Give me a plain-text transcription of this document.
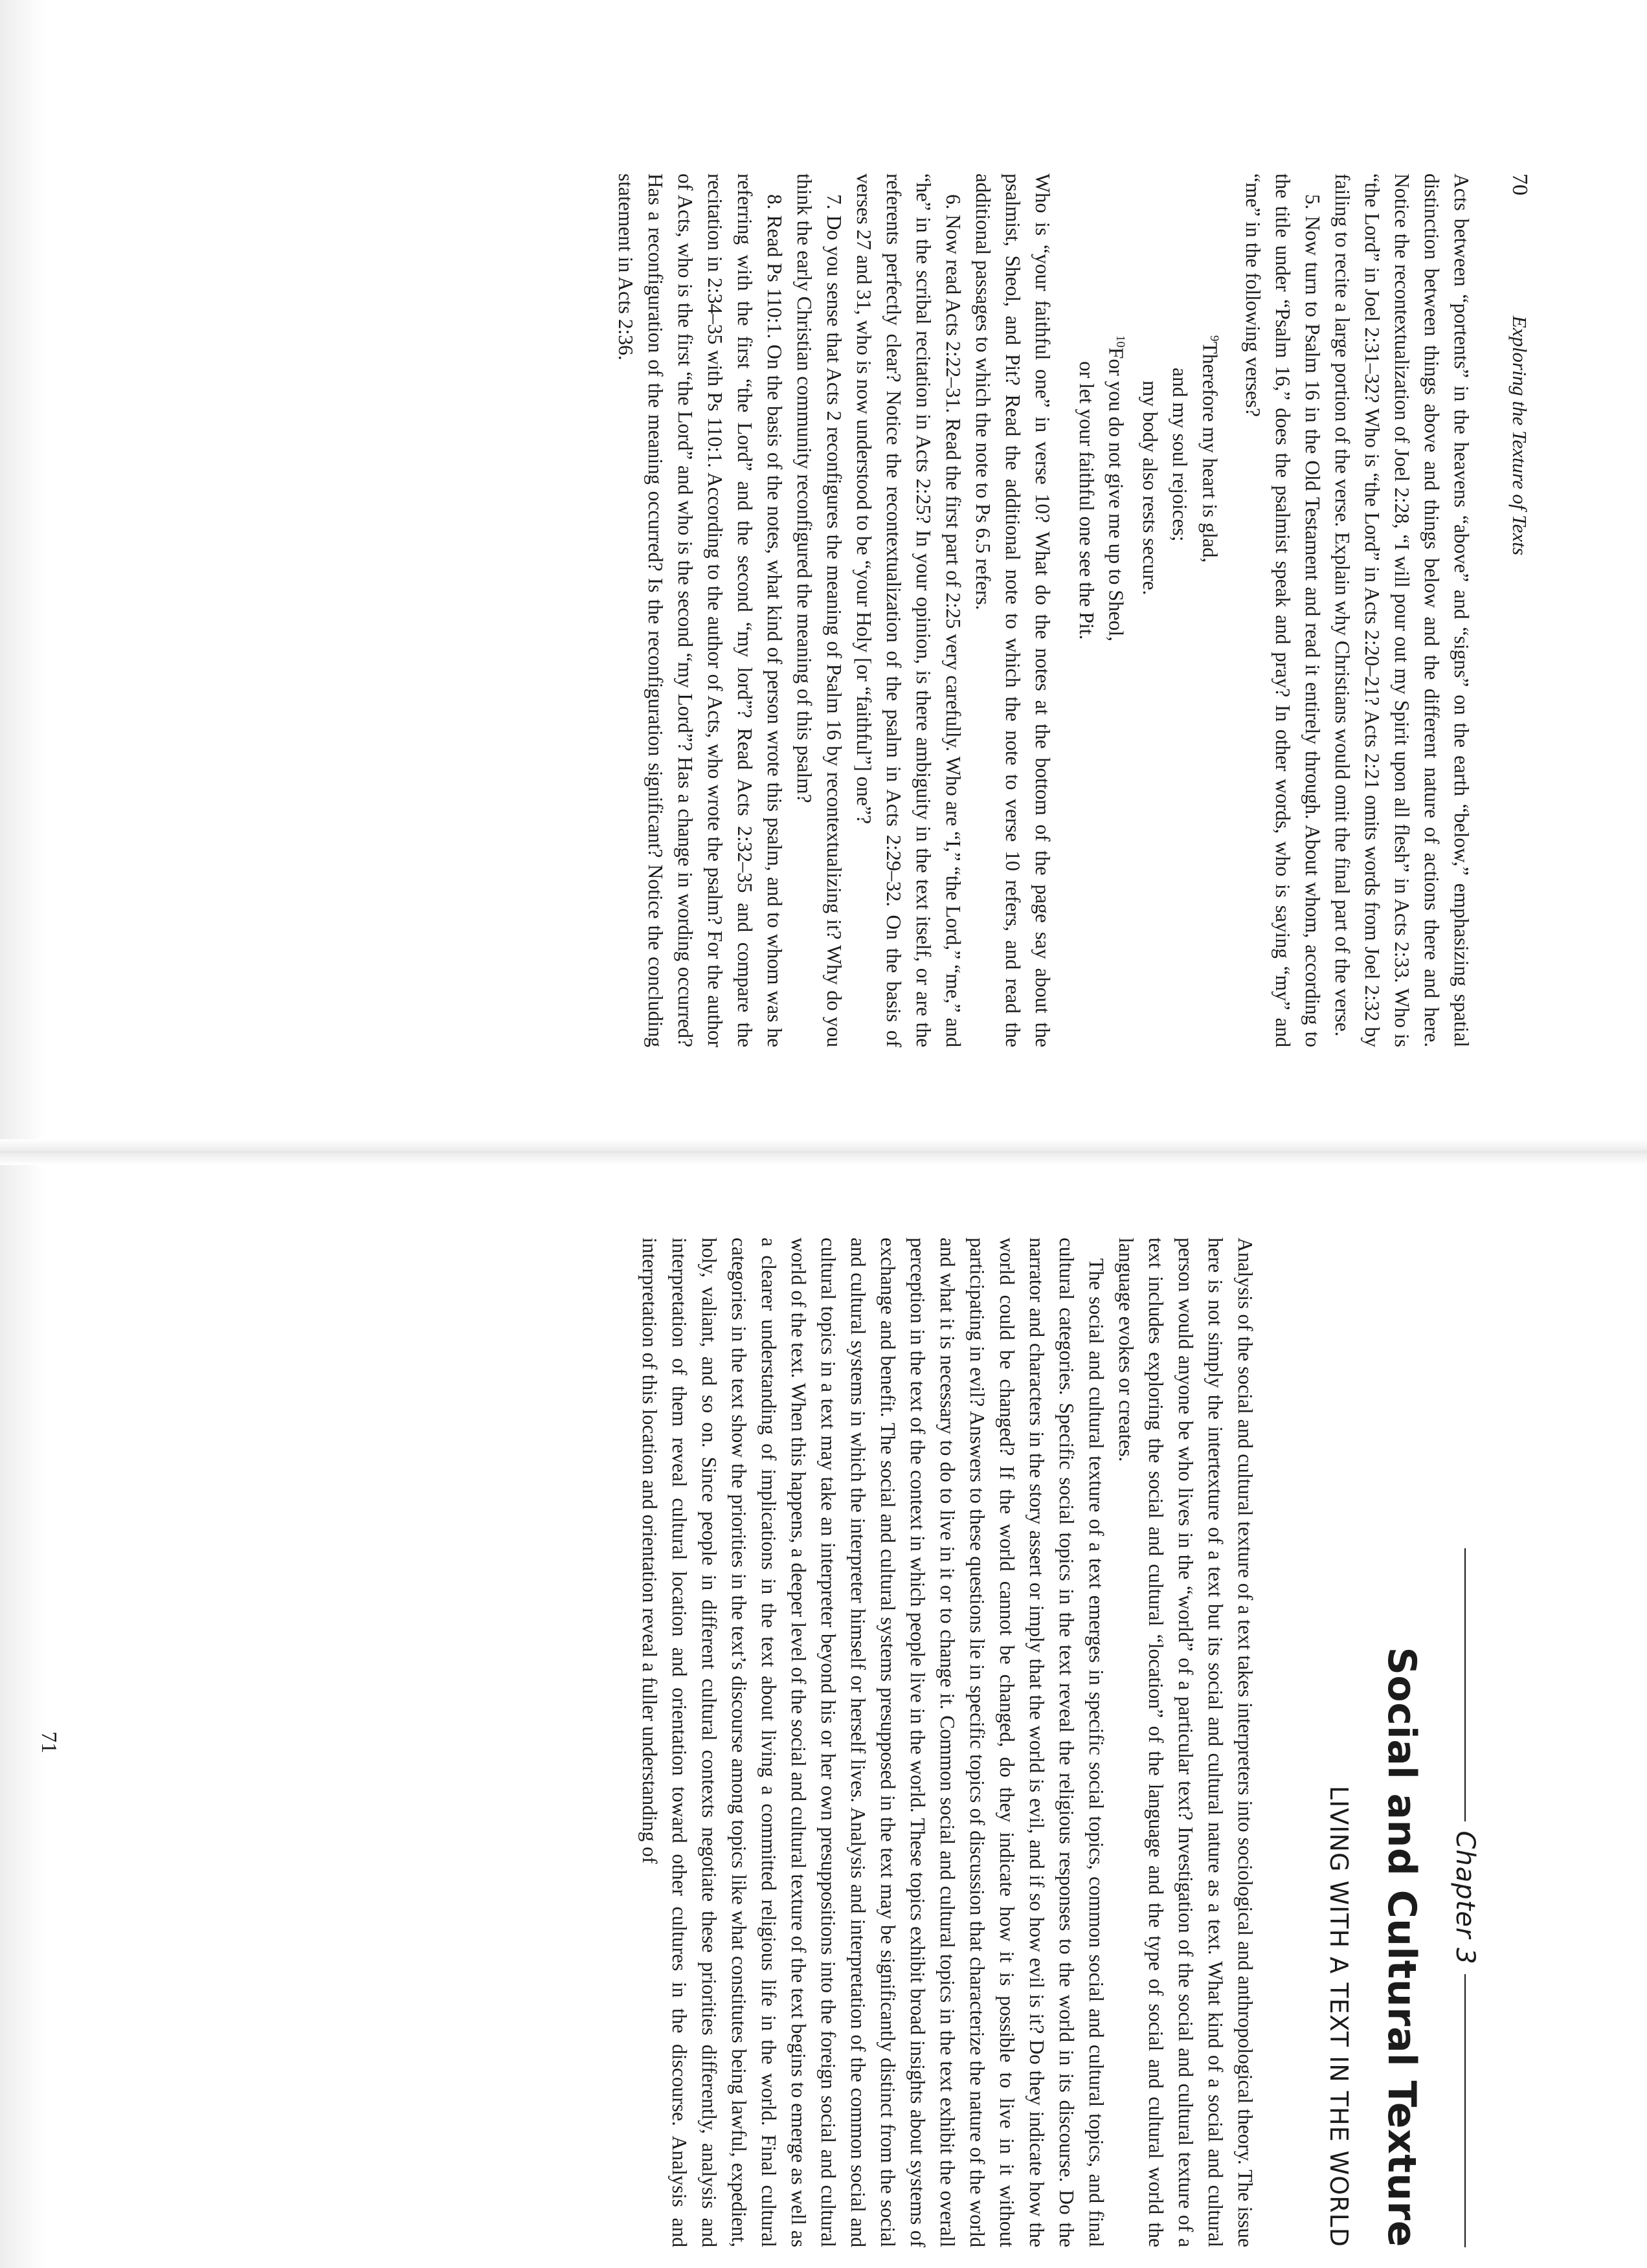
70
Exploring the Texture of Texts

Acts between “portents” in the heavens “above” and “signs” on the earth “below,” emphasizing spatial distinction between things above and things below and the different nature of actions there and here. Notice the recontextualization of Joel 2:28, “I will pour out my Spirit upon all flesh” in Acts 2:33. Who is “the Lord” in Joel 2:31–32? Who is “the Lord” in Acts 2:20–21? Acts 2:21 omits words from Joel 2:32 by failing to recite a large portion of the verse. Explain why Christians would omit the final part of the verse.

5. Now turn to Psalm 16 in the Old Testament and read it entirely through. About whom, according to the title under “Psalm 16,” does the psalmist speak and pray? In other words, who is saying “my” and “me” in the following verses?

$^9$Therefore my heart is glad,
and my soul rejoices;
my body also rests secure.
$^{10}$For you do not give me up to Sheol,
or let your faithful one see the Pit.

Who is “your faithful one” in verse 10? What do the notes at the bottom of the page say about the psalmist, Sheol, and Pit? Read the additional note to which the note to verse 10 refers, and read the additional passages to which the note to Ps 6.5 refers.

6. Now read Acts 2:22–31. Read the first part of 2:25 very carefully. Who are “I,” “the Lord,” “me,” and “he” in the scribal recitation in Acts 2:25? In your opinion, is there ambiguity in the text itself, or are the referents perfectly clear? Notice the recontextualization of the psalm in Acts 2:29–32. On the basis of verses 27 and 31, who is now understood to be “your Holy [or “faithful”] one”?

7. Do you sense that Acts 2 reconfigures the meaning of Psalm 16 by recontextualizing it? Why do you think the early Christian community reconfigured the meaning of this psalm?

8. Read Ps 110:1. On the basis of the notes, what kind of person wrote this psalm, and to whom was he referring with the first “the Lord” and the second “my lord”? Read Acts 2:32–35 and compare the recitation in 2:34–35 with Ps 110:1. According to the author of Acts, who wrote the psalm? For the author of Acts, who is the first “the Lord” and who is the second “my Lord”? Has a change in wording occurred? Has a reconfiguration of the meaning occurred? Is the reconfiguration significant? Notice the concluding statement in Acts 2:36.

Chapter 3
Social and Cultural Texture
LIVING WITH A TEXT IN THE WORLD

Analysis of the social and cultural texture of a text takes interpreters into sociological and anthropological theory. The issue here is not simply the intertexture of a text but its social and cultural nature as a text. What kind of a social and cultural person would anyone be who lives in the “world” of a particular text? Investigation of the social and cultural texture of a text includes exploring the social and cultural “location” of the language and the type of social and cultural world the language evokes or creates.

The social and cultural texture of a text emerges in specific social topics, common social and cultural topics, and final cultural categories. Specific social topics in the text reveal the religious responses to the world in its discourse. Do the narrator and characters in the story assert or imply that the world is evil, and if so how evil is it? Do they indicate how the world could be changed? If the world cannot be changed, do they indicate how it is possible to live in it without participating in evil? Answers to these questions lie in specific topics of discussion that characterize the nature of the world and what it is necessary to do to live in it or to change it. Common social and cultural topics in the text exhibit the overall perception in the text of the context in which people live in the world. These topics exhibit broad insights about systems of exchange and benefit. The social and cultural systems presupposed in the text may be significantly distinct from the social and cultural systems in which the interpreter himself or herself lives. Analysis and interpretation of the common social and cultural topics in a text may take an interpreter beyond his or her own presuppositions into the foreign social and cultural world of the text. When this happens, a deeper level of the social and cultural texture of the text begins to emerge as well as a clearer understanding of implications in the text about living a committed religious life in the world. Final cultural categories in the text show the priorities in the text’s discourse among topics like what constitutes being lawful, expedient, holy, valiant, and so on. Since people in different cultural contexts negotiate these priorities differently, analysis and interpretation of them reveal cultural location and orientation toward other cultures in the discourse. Analysis and interpretation of this location and orientation reveal a fuller understanding of

71
